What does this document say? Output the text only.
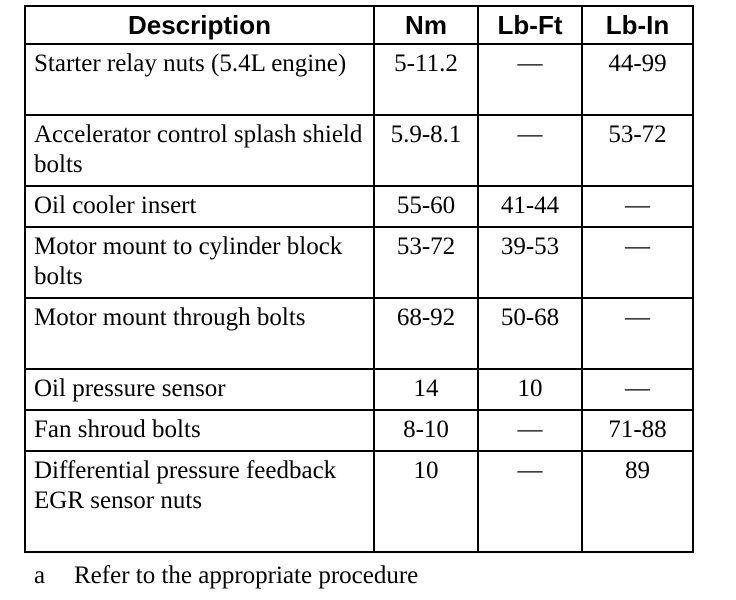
Description	Nm	Lb-Ft	Lb-In
Starter relay nuts (5.4L engine)	5-11.2	—	44-99
Accelerator control splash shield bolts	5.9-8.1	—	53-72
Oil cooler insert	55-60	41-44	—
Motor mount to cylinder block bolts	53-72	39-53	—
Motor mount through bolts	68-92	50-68	—
Oil pressure sensor	14	10	—
Fan shroud bolts	8-10	—	71-88
Differential pressure feedback EGR sensor nuts	10	—	89
a Refer to the appropriate procedure
